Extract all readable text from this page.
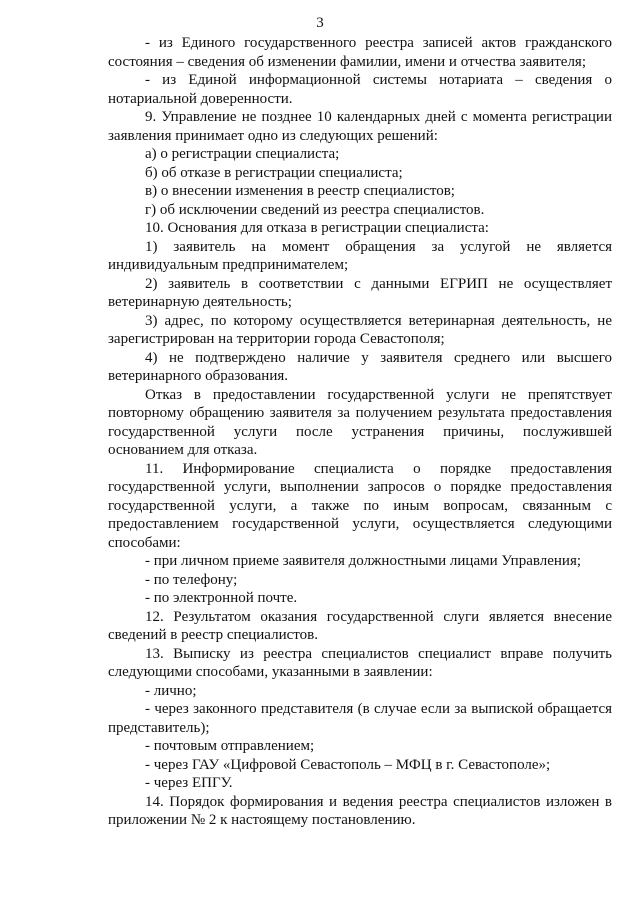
3

- из Единого государственного реестра записей актов гражданского состояния – сведения об изменении фамилии, имени и отчества заявителя;

- из Единой информационной системы нотариата – сведения о нотариальной доверенности.

9. Управление не позднее 10 календарных дней с момента регистрации заявления принимает одно из следующих решений:

а) о регистрации специалиста;

б) об отказе в регистрации специалиста;

в) о внесении изменения в реестр специалистов;

г) об исключении сведений из реестра специалистов.

10. Основания для отказа в регистрации специалиста:

1) заявитель на момент обращения за услугой не является индивидуальным предпринимателем;

2) заявитель в соответствии с данными ЕГРИП не осуществляет ветеринарную деятельность;

3) адрес, по которому осуществляется ветеринарная деятельность, не зарегистрирован на территории города Севастополя;

4) не подтверждено наличие у заявителя среднего или высшего ветеринарного образования.

Отказ в предоставлении государственной услуги не препятствует повторному обращению заявителя за получением результата предоставления государственной услуги после устранения причины, послужившей основанием для отказа.

11. Информирование специалиста о порядке предоставления государственной услуги, выполнении запросов о порядке предоставления государственной услуги, а также по иным вопросам, связанным с предоставлением государственной услуги, осуществляется следующими способами:

- при личном приеме заявителя должностными лицами Управления;

- по телефону;

- по электронной почте.

12. Результатом оказания государственной слуги является внесение сведений в реестр специалистов.

13. Выписку из реестра специалистов специалист вправе получить следующими способами, указанными в заявлении:

- лично;

- через законного представителя (в случае если за выпиской обращается представитель);

- почтовым отправлением;

- через ГАУ «Цифровой Севастополь – МФЦ в г. Севастополе»;

- через ЕПГУ.

14. Порядок формирования и ведения реестра специалистов изложен в приложении № 2 к настоящему постановлению.
